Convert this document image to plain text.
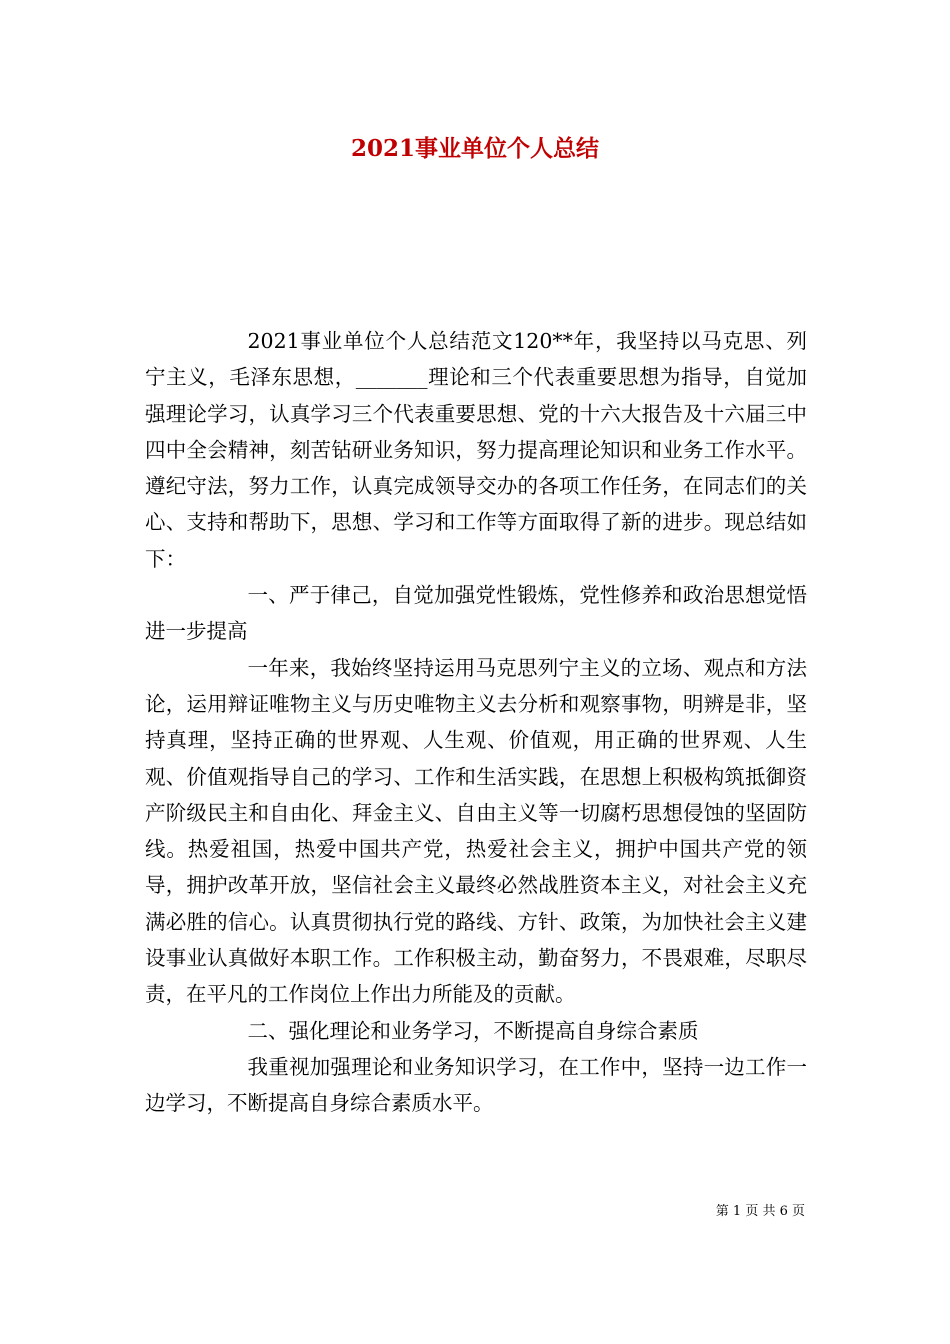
2021事业单位个人总结

2021事业单位个人总结范文120**年，我坚持以马克思、列宁主义，毛泽东思想，_______理论和三个代表重要思想为指导，自觉加强理论学习，认真学习三个代表重要思想、党的十六大报告及十六届三中四中全会精神，刻苦钻研业务知识，努力提高理论知识和业务工作水平。遵纪守法，努力工作，认真完成领导交办的各项工作任务，在同志们的关心、支持和帮助下，思想、学习和工作等方面取得了新的进步。现总结如下：

一、严于律己，自觉加强党性锻炼，党性修养和政治思想觉悟进一步提高

一年来，我始终坚持运用马克思列宁主义的立场、观点和方法论，运用辩证唯物主义与历史唯物主义去分析和观察事物，明辨是非，坚持真理，坚持正确的世界观、人生观、价值观，用正确的世界观、人生观、价值观指导自己的学习、工作和生活实践，在思想上积极构筑抵御资产阶级民主和自由化、拜金主义、自由主义等一切腐朽思想侵蚀的坚固防线。热爱祖国，热爱中国共产党，热爱社会主义，拥护中国共产党的领导，拥护改革开放，坚信社会主义最终必然战胜资本主义，对社会主义充满必胜的信心。认真贯彻执行党的路线、方针、政策，为加快社会主义建设事业认真做好本职工作。工作积极主动，勤奋努力，不畏艰难，尽职尽责，在平凡的工作岗位上作出力所能及的贡献。

二、强化理论和业务学习，不断提高自身综合素质

我重视加强理论和业务知识学习，在工作中，坚持一边工作一边学习，不断提高自身综合素质水平。

第 1 页 共 6 页
